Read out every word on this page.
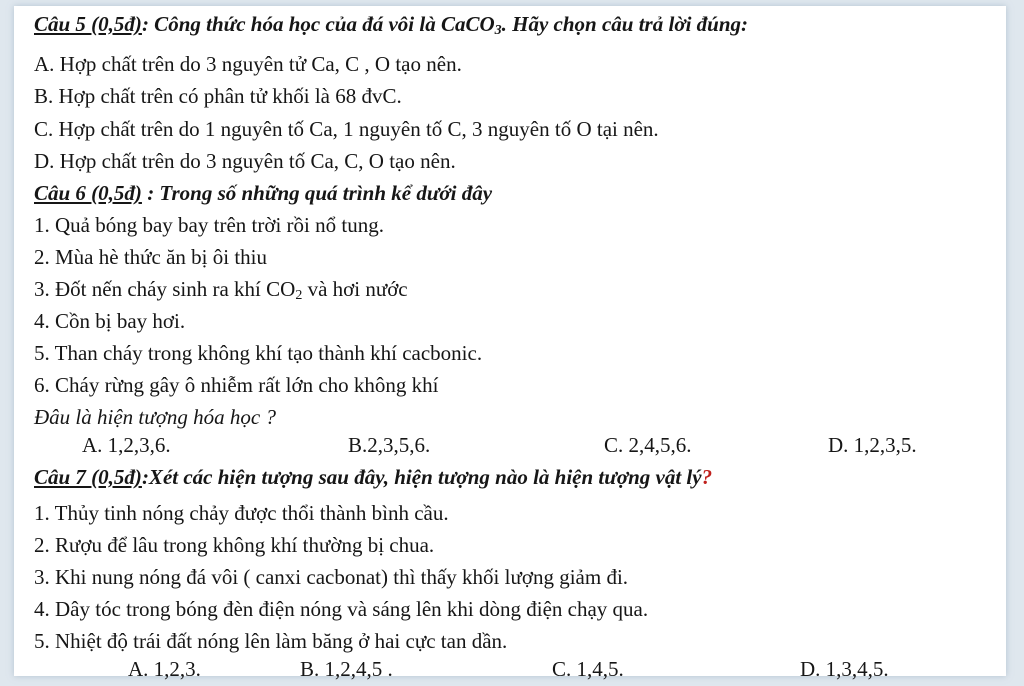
Câu 5 (0,5đ): Công thức hóa học của đá vôi là CaCO$_3$. Hãy chọn câu trả lời đúng:
A. Hợp chất trên do 3 nguyên tử Ca, C , O tạo nên.
B. Hợp chất trên có phân tử khối là 68 đvC.
C. Hợp chất trên do 1 nguyên tố Ca, 1 nguyên tố C, 3 nguyên tố O tại nên.
D. Hợp chất trên do 3 nguyên tố Ca, C, O tạo nên.
Câu 6 (0,5đ) : Trong số những quá trình kể dưới đây
1. Quả bóng bay bay trên trời rồi nổ tung.
2. Mùa hè thức ăn bị ôi thiu
3. Đốt nến cháy sinh ra khí $CO_2$ và hơi nước
4. Cồn bị bay hơi.
5. Than cháy trong không khí tạo thành khí cacbonic.
6. Cháy rừng gây ô nhiễm rất lớn cho không khí
Đâu là hiện tượng hóa học ?
A. 1,2,3,6.	B.2,3,5,6.	C. 2,4,5,6.	D. 1,2,3,5.
Câu 7 (0,5đ):Xét các hiện tượng sau đây, hiện tượng nào là hiện tượng vật lý?
1. Thủy tinh nóng chảy được thổi thành bình cầu.
2. Rượu để lâu trong không khí thường bị chua.
3. Khi nung nóng đá vôi ( canxi cacbonat) thì thấy khối lượng giảm đi.
4. Dây tóc trong bóng đèn điện nóng và sáng lên khi dòng điện chạy qua.
5. Nhiệt độ trái đất nóng lên làm băng ở hai cực tan dần.
A. 1,2,3.	B. 1,2,4,5 .	C. 1,4,5.	D. 1,3,4,5.
